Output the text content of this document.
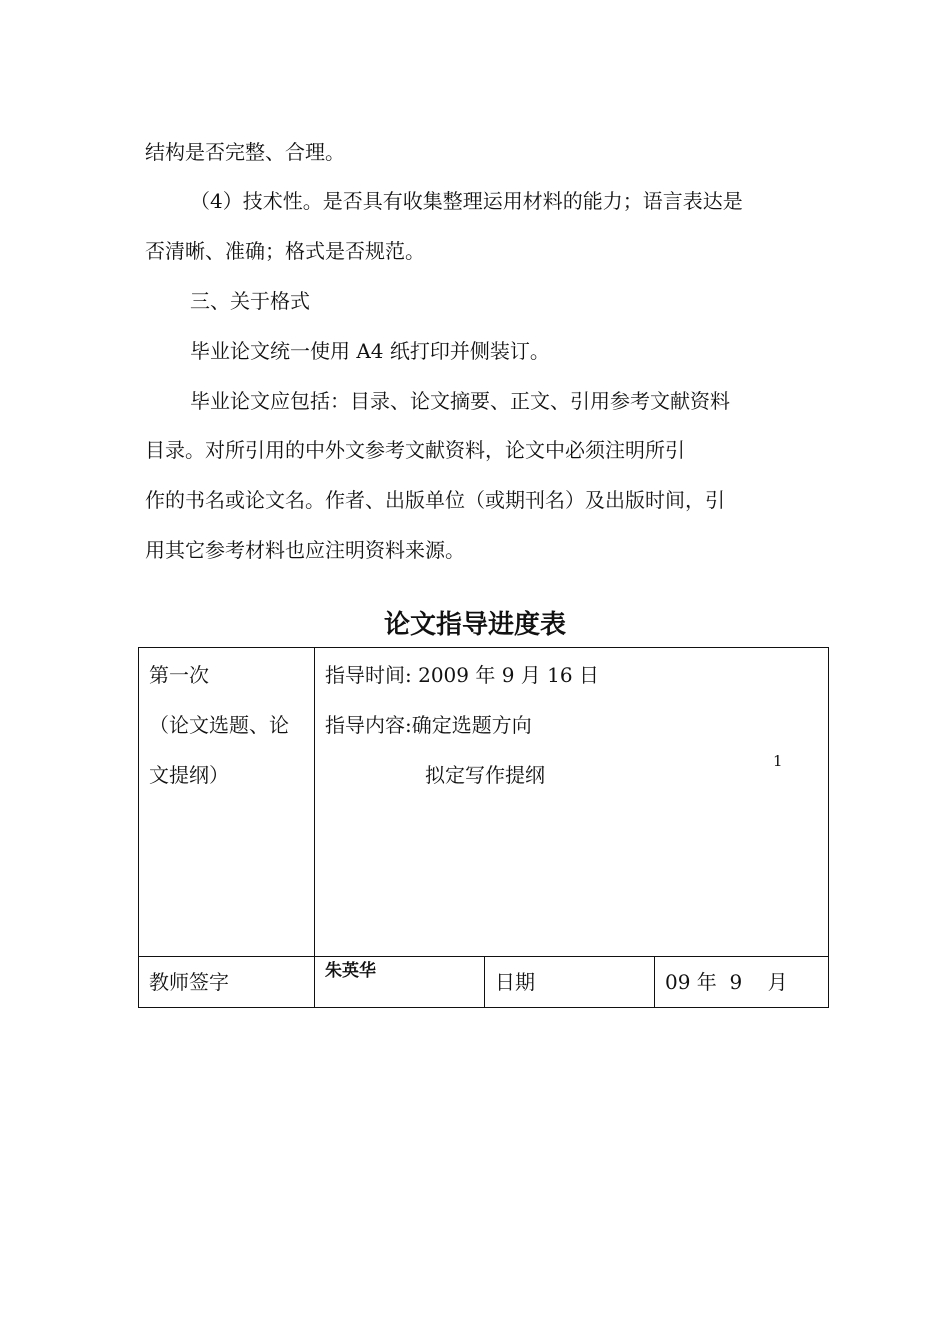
结构是否完整、合理。

（4）技术性。是否具有收集整理运用材料的能力；语言表达是

否清晰、准确；格式是否规范。

三、关于格式

毕业论文统一使用 A4 纸打印并侧装订。

毕业论文应包括：目录、论文摘要、正文、引用参考文献资料

目录。对所引用的中外文参考文献资料，论文中必须注明所引

作的书名或论文名。作者、出版单位（或期刊名）及出版时间，引

用其它参考材料也应注明资料来源。

论文指导进度表
第一次
（论文选题、论
文提纲）	指导时间: 2009 年 9 月 16 日
指导内容:确定选题方向
拟定写作提纲		

教师签字	朱英华	日期	09 年  9    月
1
